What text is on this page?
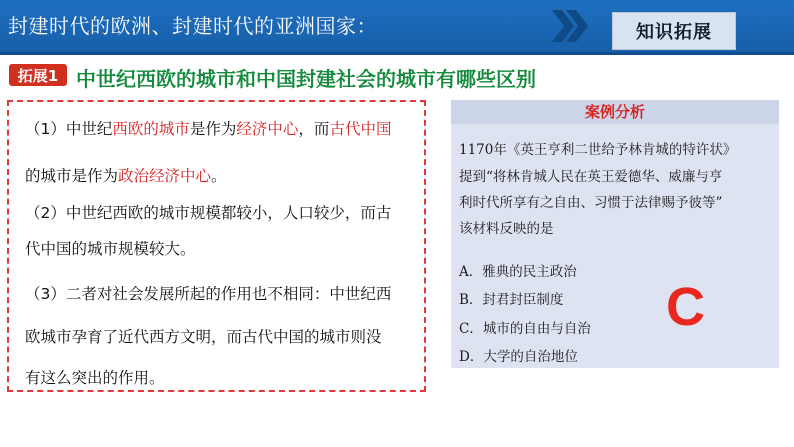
封建时代的欧洲、封建时代的亚洲国家：	知识拓展
拓展1 中世纪西欧的城市和中国封建社会的城市有哪些区别
（1）中世纪西欧的城市是作为经济中心，而古代中国
的城市是作为政治经济中心。
（2）中世纪西欧的城市规模都较小，人口较少，而古
代中国的城市规模较大。
（3）二者对社会发展所起的作用也不相同：中世纪西
欧城市孕育了近代西方文明，而古代中国的城市则没
有这么突出的作用。
案例分析
1170年《英王亨利二世给予林肯城的特许状》
提到“将林肯城人民在英王爱德华、威廉与亨
利时代所享有之自由、习惯于法律赐予彼等”
该材料反映的是
A．雅典的民主政治
B．封君封臣制度
C．城市的自由与自治
D．大学的自治地位
C
